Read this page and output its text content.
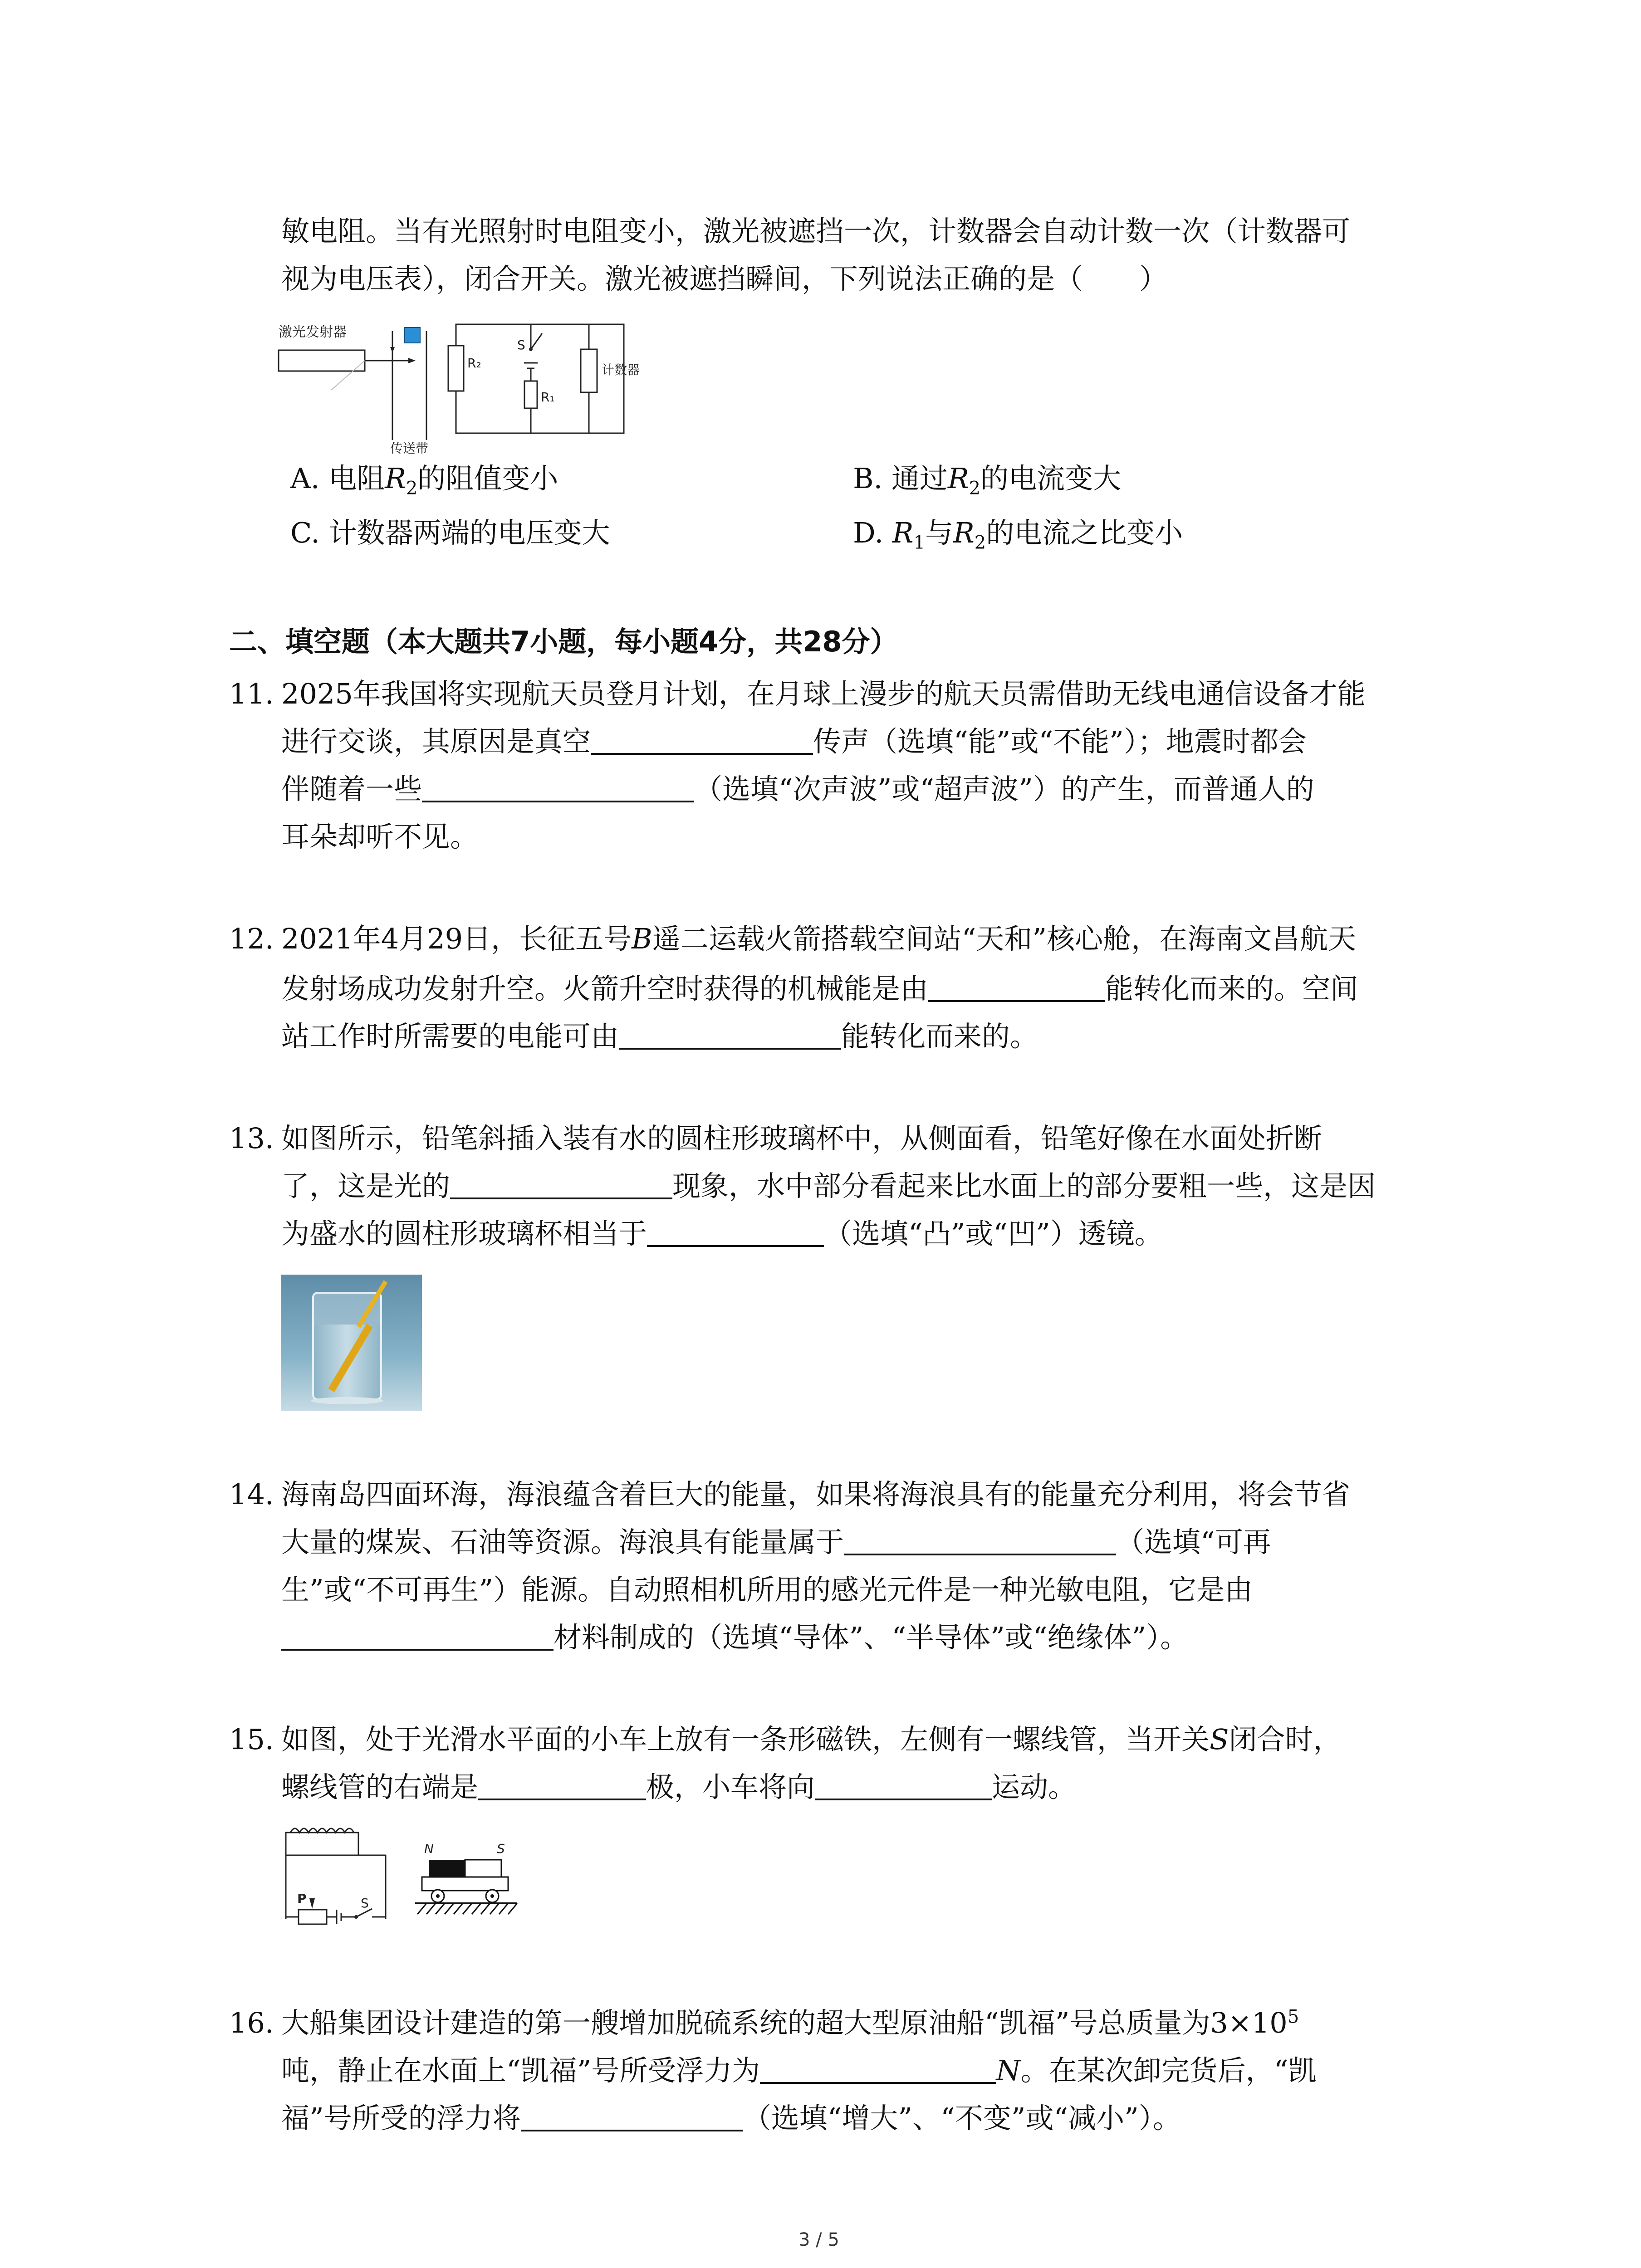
敏电阻。当有光照射时电阻变小，激光被遮挡一次，计数器会自动计数一次（计数器可
视为电压表），闭合开关。激光被遮挡瞬间，下列说法正确的是（　　）
激光发射器
传送带
R₂
S
R₁
计数器
A. 电阻$R_2$的阻值变小	B. 通过$R_2$的电流变大
C. 计数器两端的电压变大	D. $R_1$与$R_2$的电流之比变小
二、填空题（本大题共7小题，每小题4分，共28分）
11. 2025年我国将实现航天员登月计划，在月球上漫步的航天员需借助无线电通信设备才能
进行交谈，其原因是真空	传声（选填“能”或“不能”）；地震时都会
伴随着一些	（选填“次声波”或“超声波”）的产生，而普通人的
耳朵却听不见。
12. 2021年4月29日，长征五号B遥二运载火箭搭载空间站“天和”核心舱，在海南文昌航天
发射场成功发射升空。火箭升空时获得的机械能是由	能转化而来的。空间
站工作时所需要的电能可由	能转化而来的。
13. 如图所示，铅笔斜插入装有水的圆柱形玻璃杯中，从侧面看，铅笔好像在水面处折断
了，这是光的	现象，水中部分看起来比水面上的部分要粗一些，这是因
为盛水的圆柱形玻璃杯相当于	（选填“凸”或“凹”）透镜。
14. 海南岛四面环海，海浪蕴含着巨大的能量，如果将海浪具有的能量充分利用，将会节省
大量的煤炭、石油等资源。海浪具有能量属于	（选填“可再
生”或“不可再生”）能源。自动照相机所用的感光元件是一种光敏电阻，它是由
材料制成的（选填“导体”、“半导体”或“绝缘体”）。
15. 如图，处于光滑水平面的小车上放有一条形磁铁，左侧有一螺线管，当开关S闭合时，
螺线管的右端是	极，小车将向	运动。
P	S
N	S
16. 大船集团设计建造的第一艘增加脱硫系统的超大型原油船“凯福”号总质量为$3\times 10^5$
吨，静止在水面上“凯福”号所受浮力为	N。在某次卸完货后，“凯
福”号所受的浮力将	（选填“增大”、“不变”或“减小”）。
3 / 5
